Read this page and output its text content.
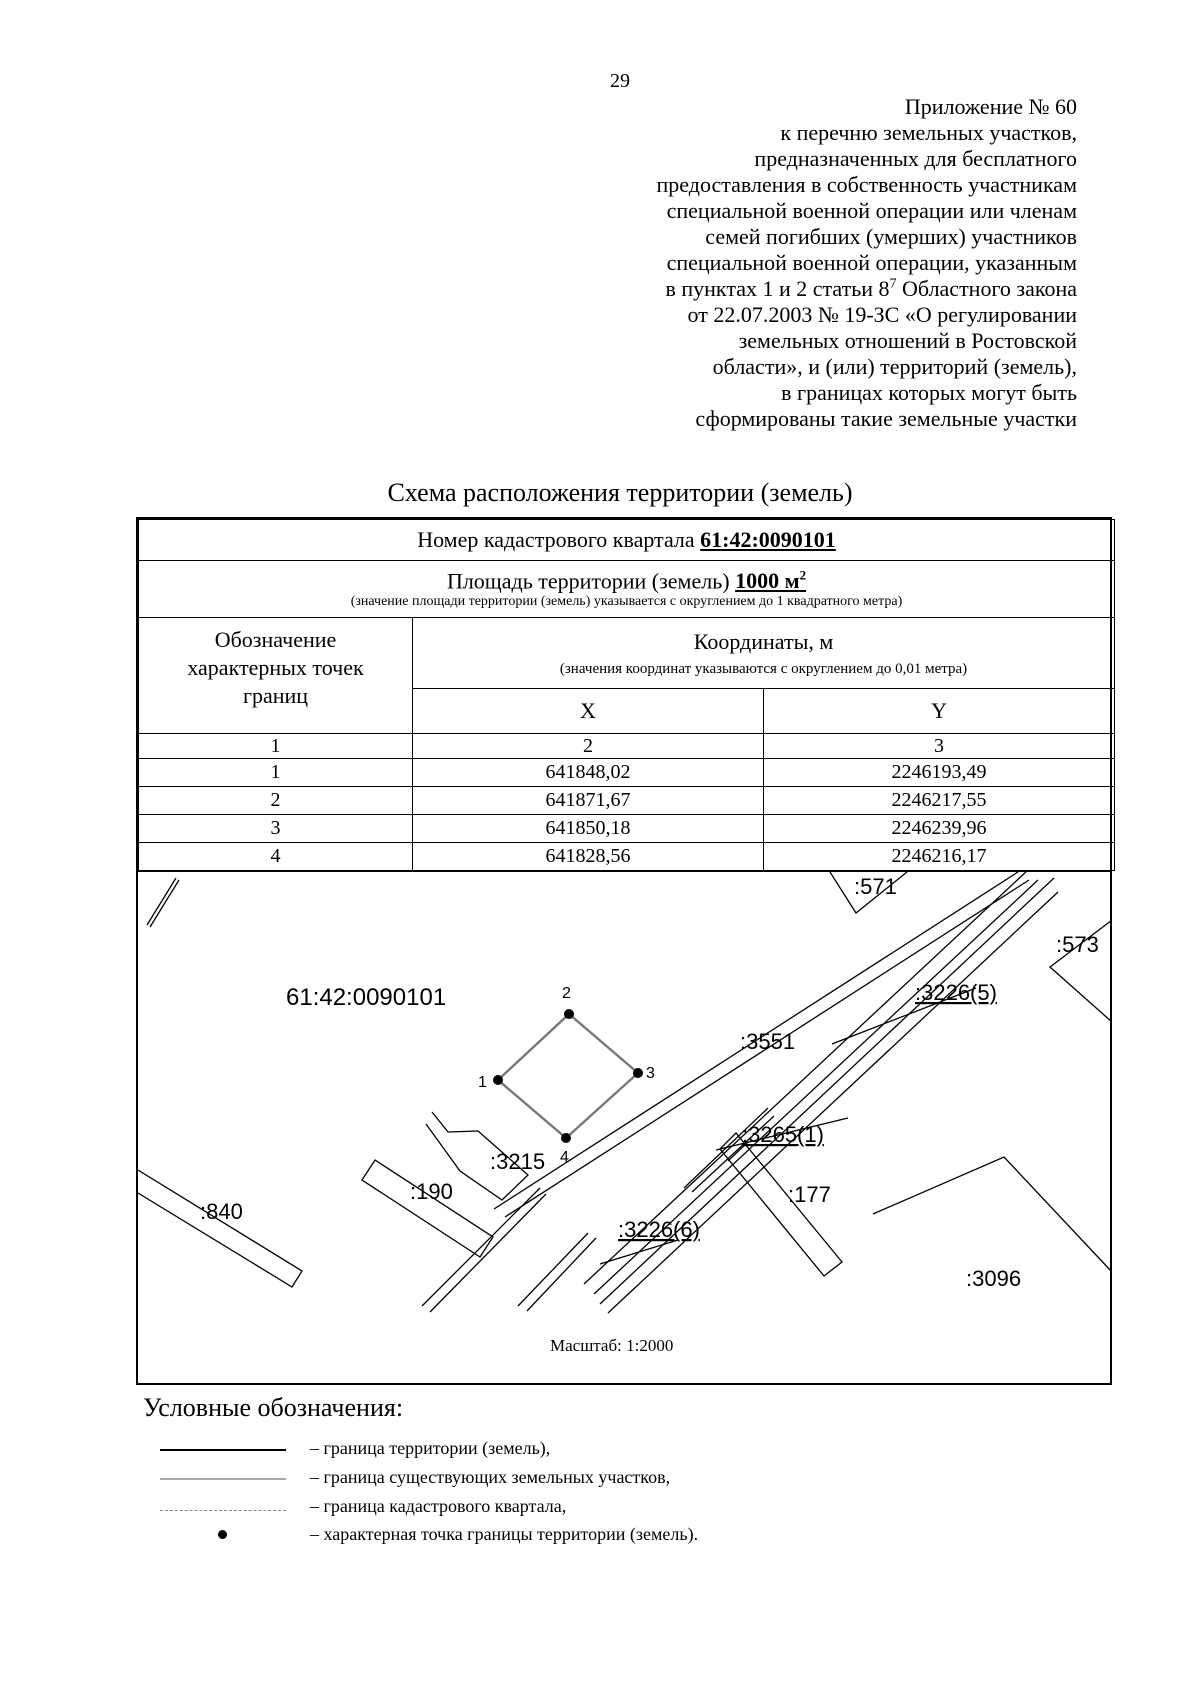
29
Приложение № 60
к перечню земельных участков,
предназначенных для бесплатного
предоставления в собственность участникам
специальной военной операции или членам
семей погибших (умерших) участников
специальной военной операции, указанным
в пунктах 1 и 2 статьи $8^7$ Областного закона
от 22.07.2003 № 19-ЗС «О регулировании
земельных отношений в Ростовской
области», и (или) территорий (земель),
в границах которых могут быть
сформированы такие земельные участки
Схема расположения территории (земель)
Номер кадастрового квартала 61:42:0090101		
Площадь территории (земель) 1000 $м^2$
(значение площади территории (земель) указывается с округлением до 1 квадратного метра)		

Обозначение характерных точек границ	Координаты, м
(значения координат указываются с округлением до 0,01 метра)	

	X	Y
1	2	3
1	641848,02	2246193,49
2	641871,67	2246217,55
3	641850,18	2246239,96
4	641828,56	2246216,17
1
2
3
4
61:42:0090101
:571
:573
:3226(5)
:3551
:3265(1)
:3215
:190
:840
:177
:3226(6)
:3096
Масштаб: 1:2000
Условные обозначения:
– граница территории (земель),
– граница существующих земельных участков,
– граница кадастрового квартала,
– характерная точка границы территории (земель).
